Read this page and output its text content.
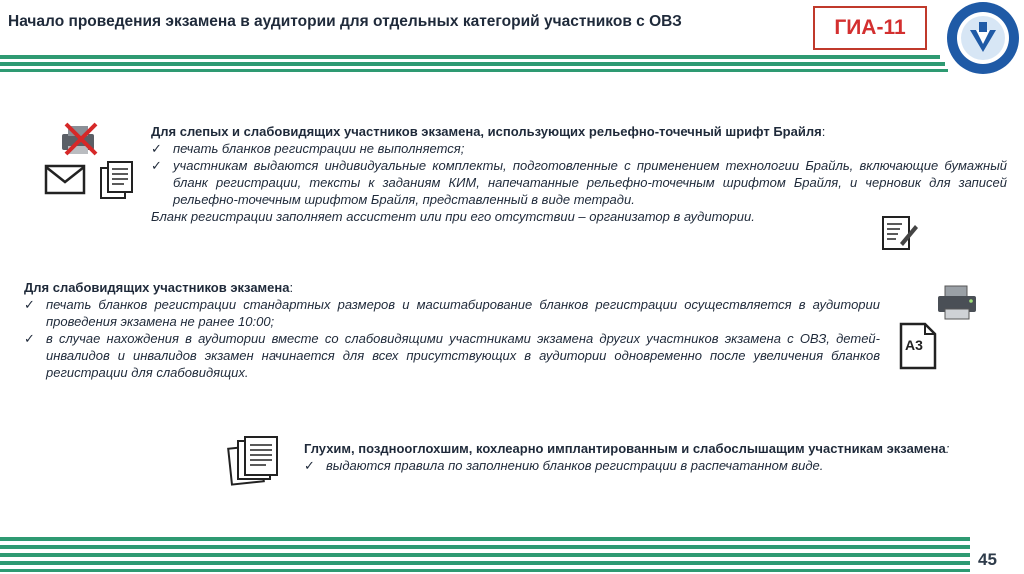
Начало проведения экзамена в аудитории для отдельных категорий участников с ОВЗ	ГИА-11
Для слепых и слабовидящих участников экзамена, использующих рельефно-точечный шрифт Брайля:
✓ печать бланков регистрации не выполняется;
✓ участникам выдаются индивидуальные комплекты, подготовленные с применением технологии Брайль, включающие бумажный бланк регистрации, тексты к заданиям КИМ, напечатанные рельефно-точечным шрифтом Брайля, и черновик для записей рельефно-точечным шрифтом Брайля, представленный в виде тетради.
Бланк регистрации заполняет ассистент или при его отсутствии – организатор в аудитории.
Для слабовидящих участников экзамена:
✓ печать бланков регистрации стандартных размеров и масштабирование бланков регистрации осуществляется в аудитории проведения экзамена не ранее 10:00;
✓ в случае нахождения в аудитории вместе со слабовидящими участниками экзамена других участников экзамена с ОВЗ, детей-инвалидов и инвалидов экзамен начинается для всех присутствующих в аудитории одновременно после увеличения бланков регистрации для слабовидящих.
А3
Глухим, позднооглохшим, кохлеарно имплантированным и слабослышащим участникам экзамена:
✓ выдаются правила по заполнению бланков регистрации в распечатанном виде.
45
